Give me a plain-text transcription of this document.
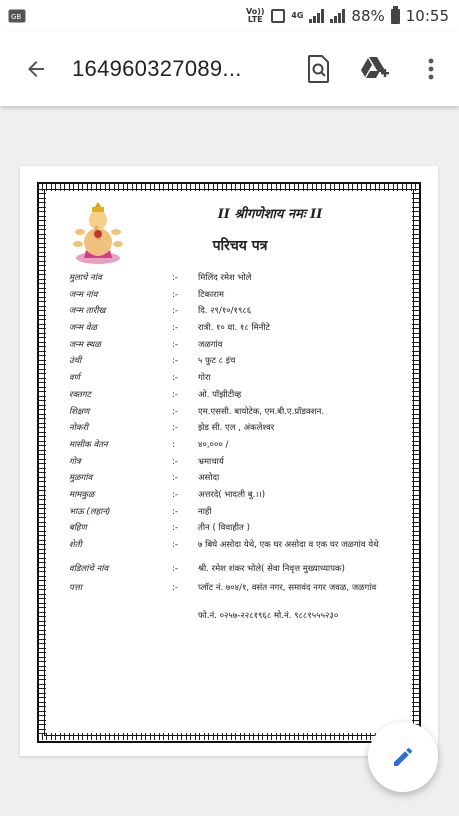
GB
Vo)) LTE	4G	88% 10:55
164960327089...
II श्रीगणेशाय नमः II
परिचय पत्र
मुलाचे नांव	:-	मिलिंद रमेश भोले
जन्म नांव	:-	टिकाराम
जन्म तारीख	:-	दि. २९/१०/१९८६
जन्म वेळ	:-	रात्री. १० वा. १८ मिनीटे
जन्म स्थळ	:-	जळगांव
उंची	:-	५ फुट ८ इंच
वर्ण	:-	गोरा
रक्तगट	:-	ओ. पॉझीटीव्ह
शिक्षण	:-	एम.एससी. बायोटेक, एम.बी.ए.प्रॉडक्शन.
नोकरी	:-	झेड सी. एल , अंकलेश्वर
मासीक वेतन	:	४०,००० /
गोत्र	:-	भ्रमाचार्य
मुळगांव	:-	असोदा
मामकुळ	:-	अत्तरदे( भादली बु.।।)
भाऊ (लहान)	:-	नाही
बहिण	:-	तीन ( विवाहीत )
शेती	:-	७ बिघे असोदा येथे, एक घर असोदा व एक घर जळगांव येथे
वडिलांचे नांव	:-	श्री. रमेश शंकर भोले( सेवा निवृत्त मुख्याध्यापक)
पत्ता	:-	प्लॉट नं. ७०४/१, वसंत नगर, समावंद नगर जवळ, जळगांव
फो.नं. ०२५७-२२८१९६८ मो.नं. ९८८१५५५२३०
